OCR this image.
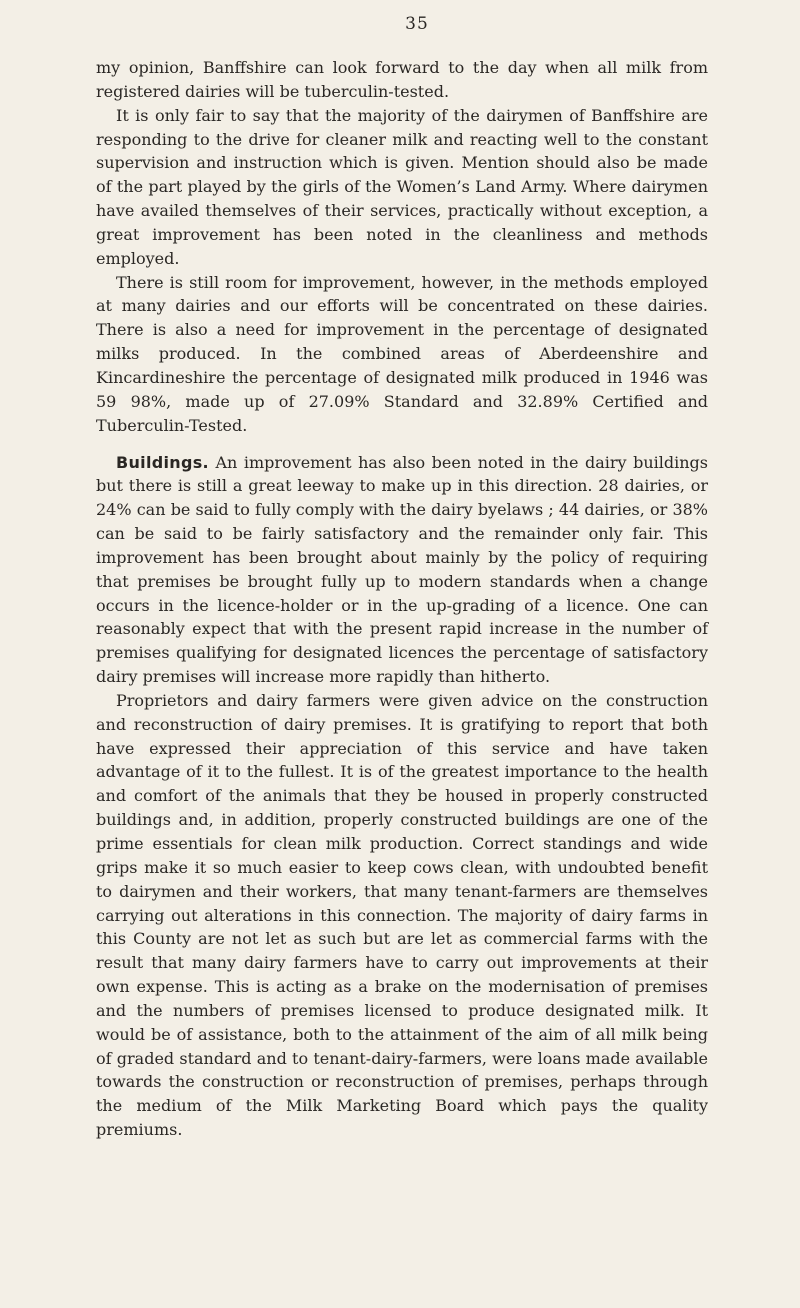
35

my opinion, Banffshire can look forward to the day when all milk from registered dairies will be tuberculin-tested.

It is only fair to say that the majority of the dairymen of Banffshire are responding to the drive for cleaner milk and reacting well to the constant supervision and instruction which is given. Mention should also be made of the part played by the girls of the Women’s Land Army. Where dairymen have availed themselves of their services, practically without exception, a great improvement has been noted in the cleanliness and methods employed.

There is still room for improvement, however, in the methods employed at many dairies and our efforts will be concentrated on these dairies. There is also a need for improvement in the percentage of designated milks produced. In the combined areas of Aberdeenshire and Kincardineshire the percentage of designated milk produced in 1946 was 59 98%, made up of 27.09% Standard and 32.89% Certified and Tuberculin-Tested.

Buildings. An improvement has also been noted in the dairy buildings but there is still a great leeway to make up in this direction. 28 dairies, or 24% can be said to fully comply with the dairy byelaws ; 44 dairies, or 38% can be said to be fairly satisfactory and the remainder only fair. This improvement has been brought about mainly by the policy of requiring that premises be brought fully up to modern standards when a change occurs in the licence-holder or in the up-grading of a licence. One can reasonably expect that with the present rapid increase in the number of premises qualifying for designated licences the percentage of satisfactory dairy premises will increase more rapidly than hitherto.

Proprietors and dairy farmers were given advice on the construction and reconstruction of dairy premises. It is gratifying to report that both have expressed their appreciation of this service and have taken advantage of it to the fullest. It is of the greatest importance to the health and comfort of the animals that they be housed in properly constructed buildings and, in addition, properly constructed buildings are one of the prime essentials for clean milk production. Correct standings and wide grips make it so much easier to keep cows clean, with undoubted benefit to dairymen and their workers, that many tenant-farmers are themselves carrying out alterations in this connection. The majority of dairy farms in this County are not let as such but are let as commercial farms with the result that many dairy farmers have to carry out improvements at their own expense. This is acting as a brake on the modernisation of premises and the numbers of premises licensed to produce designated milk. It would be of assistance, both to the attainment of the aim of all milk being of graded standard and to tenant-dairy-farmers, were loans made available towards the construction or reconstruction of premises, perhaps through the medium of the Milk Marketing Board which pays the quality premiums.
